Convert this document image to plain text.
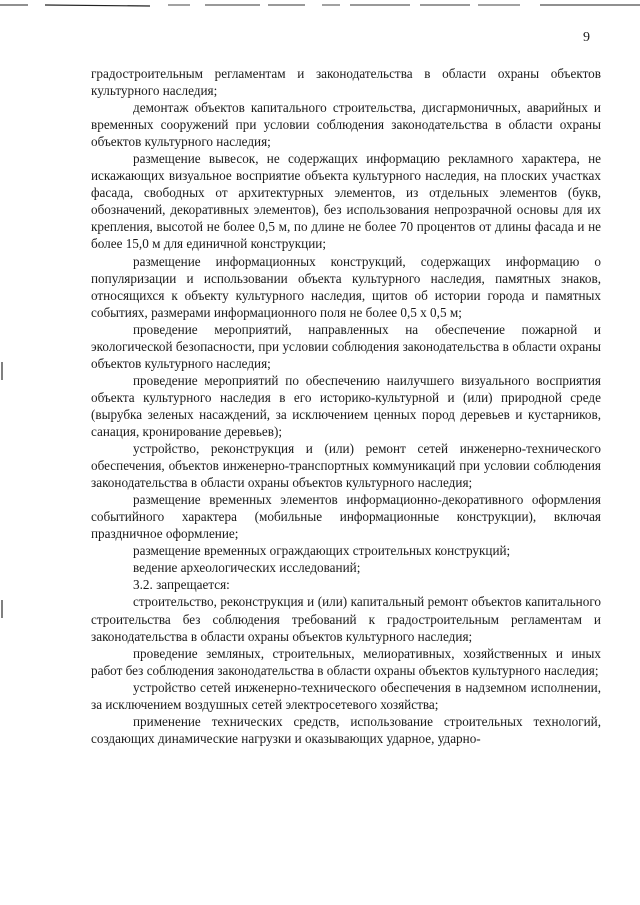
9

градостроительным регламентам и законодательства в области охраны объектов культурного наследия;

демонтаж объектов капитального строительства, дисгармоничных, аварийных и временных сооружений при условии соблюдения законодательства в области охраны объектов культурного наследия;

размещение вывесок, не содержащих информацию рекламного характера, не искажающих визуальное восприятие объекта культурного наследия, на плоских участках фасада, свободных от архитектурных элементов, из отдельных элементов (букв, обозначений, декоративных элементов), без использования непрозрачной основы для их крепления, высотой не более 0,5 м, по длине не более 70 процентов от длины фасада и не более 15,0 м для единичной конструкции;

размещение информационных конструкций, содержащих информацию о популяризации и использовании объекта культурного наследия, памятных знаков, относящихся к объекту культурного наследия, щитов об истории города и памятных событиях, размерами информационного поля не более 0,5 х 0,5 м;

проведение мероприятий, направленных на обеспечение пожарной и экологической безопасности, при условии соблюдения законодательства в области охраны объектов культурного наследия;

проведение мероприятий по обеспечению наилучшего визуального восприятия объекта культурного наследия в его историко-культурной и (или) природной среде (вырубка зеленых насаждений, за исключением ценных пород деревьев и кустарников, санация, кронирование деревьев);

устройство, реконструкция и (или) ремонт сетей инженерно-технического обеспечения, объектов инженерно-транспортных коммуникаций при условии соблюдения законодательства в области охраны объектов культурного наследия;

размещение временных элементов информационно-декоративного оформления событийного характера (мобильные информационные конструкции), включая праздничное оформление;

размещение временных ограждающих строительных конструкций;

ведение археологических исследований;

3.2. запрещается:

строительство, реконструкция и (или) капитальный ремонт объектов капитального строительства без соблюдения требований к градостроительным регламентам и законодательства в области охраны объектов культурного наследия;

проведение земляных, строительных, мелиоративных, хозяйственных и иных работ без соблюдения законодательства в области охраны объектов культурного наследия;

устройство сетей инженерно-технического обеспечения в надземном исполнении, за исключением воздушных сетей электросетевого хозяйства;

применение технических средств, использование строительных технологий, создающих динамические нагрузки и оказывающих ударное, ударно-
